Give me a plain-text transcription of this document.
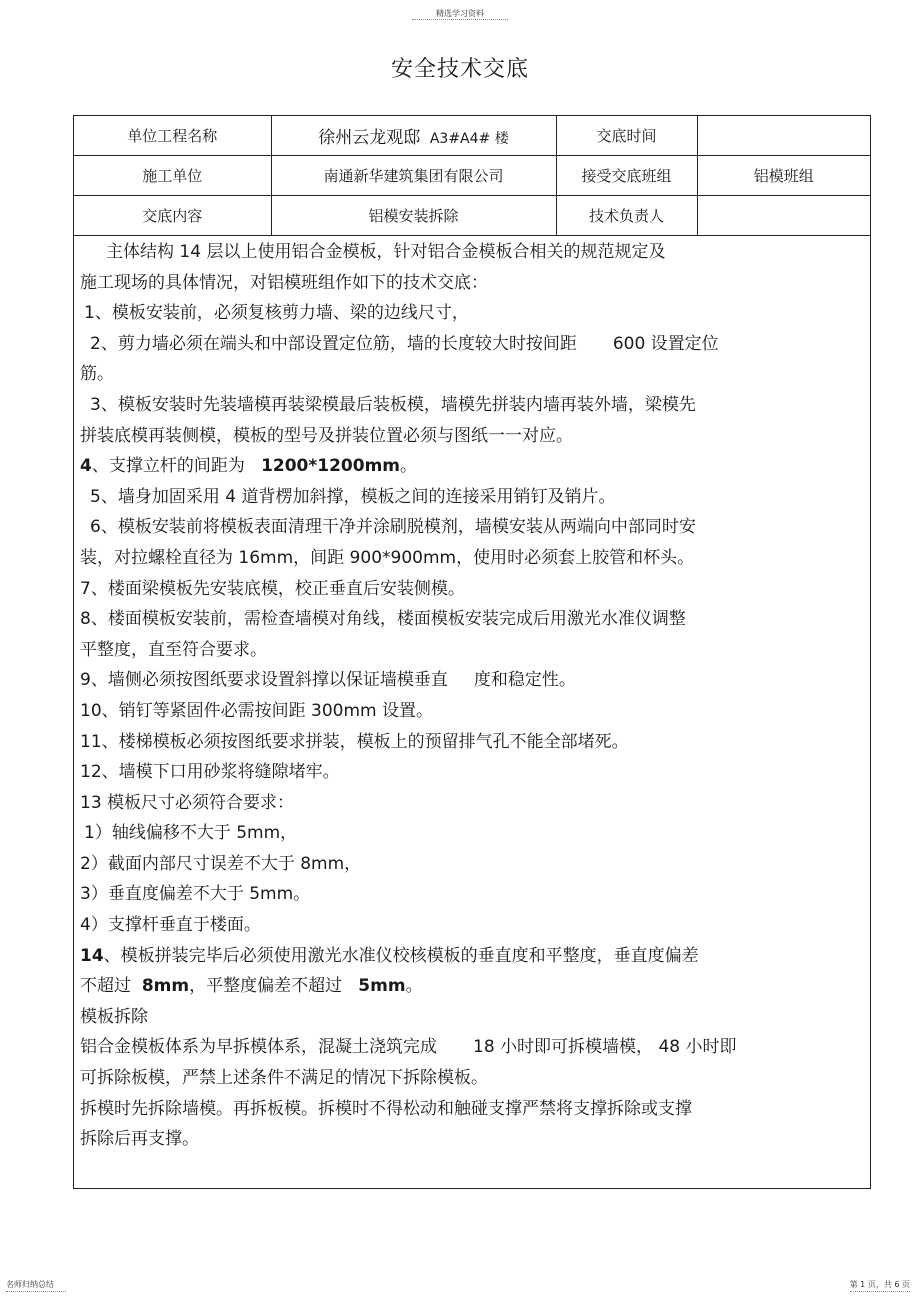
精选学习资料
安全技术交底
单位工程名称	徐州云龙观邸 A3#A4# 楼	交底时间	
施工单位	南通新华建筑集团有限公司	接受交底班组	铝模班组
交底内容	铝模安装拆除	技术负责人	

主体结构 14 层以上使用铝合金模板，针对铝合金模板合相关的规范规定及

施工现场的具体情况，对铝模班组作如下的技术交底：

1、模板安装前，必须复核剪力墙、梁的边线尺寸，

2、剪力墙必须在端头和中部设置定位筋，墙的长度较大时按间距 600 设置定位

筋。

3、模板安装时先装墙模再装梁模最后装板模，墙模先拼装内墙再装外墙，梁模先

拼装底模再装侧模，模板的型号及拼装位置必须与图纸一一对应。

4、支撑立杆的间距为 1200*1200mm。

5、墙身加固采用 4 道背楞加斜撑，模板之间的连接采用销钉及销片。

6、模板安装前将模板表面清理干净并涂刷脱模剂，墙模安装从两端向中部同时安

装，对拉螺栓直径为 16mm，间距 900*900mm，使用时必须套上胶管和杯头。

7、楼面梁模板先安装底模，校正垂直后安装侧模。

8、楼面模板安装前，需检查墙模对角线，楼面模板安装完成后用激光水准仪调整

平整度，直至符合要求。

9、墙侧必须按图纸要求设置斜撑以保证墙模垂直 度和稳定性。

10、销钉等紧固件必需按间距 300mm 设置。

11、楼梯模板必须按图纸要求拼装，模板上的预留排气孔不能全部堵死。

12、墙模下口用砂浆将缝隙堵牢。

13 模板尺寸必须符合要求：

1）轴线偏移不大于 5mm，

2）截面内部尺寸误差不大于 8mm，

3）垂直度偏差不大于 5mm。

4）支撑杆垂直于楼面。

14、模板拼装完毕后必须使用激光水准仪校核模板的垂直度和平整度，垂直度偏差

不超过 8mm，平整度偏差不超过 5mm。

模板拆除

铝合金模板体系为早拆模体系，混凝土浇筑完成 18 小时即可拆模墙模， 48 小时即

可拆除板模，严禁上述条件不满足的情况下拆除模板。

拆模时先拆除墙模。再拆板模。拆模时不得松动和触碰支撑严禁将支撑拆除或支撑

拆除后再支撑。

名师归纳总结	第 1 页，共 6 页
